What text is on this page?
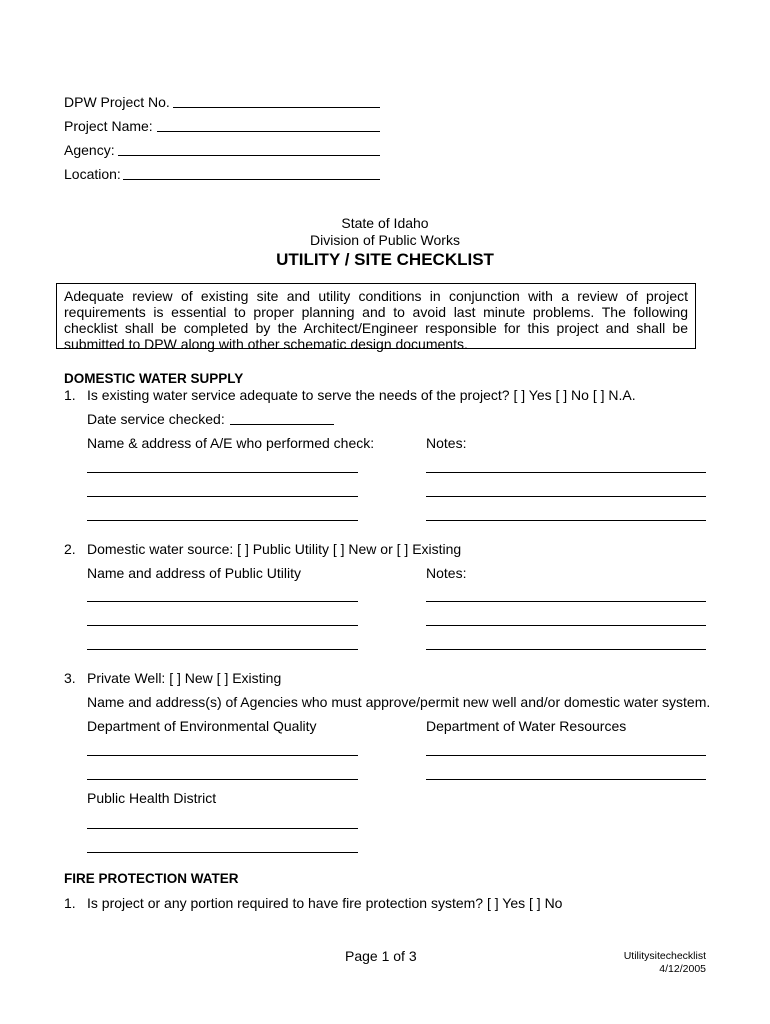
DPW Project No.
Project Name:
Agency:
Location:
State of Idaho
Division of Public Works
UTILITY / SITE CHECKLIST
Adequate review of existing site and utility conditions in conjunction with a review of project requirements is essential to proper planning and to avoid last minute problems. The following checklist shall be completed by the Architect/Engineer responsible for this project and shall be submitted to DPW along with other schematic design documents.
DOMESTIC WATER SUPPLY
1. Is existing water service adequate to serve the needs of the project? [ ] Yes [ ] No [ ] N.A.
Date service checked:
Name & address of A/E who performed check:	Notes:
2. Domestic water source: [ ] Public Utility [ ] New or [ ] Existing
Name and address of Public Utility	Notes:
3. Private Well: [ ] New [ ] Existing
Name and address(s) of Agencies who must approve/permit new well and/or domestic water system.
Department of Environmental Quality	Department of Water Resources
Public Health District
FIRE PROTECTION WATER
1. Is project or any portion required to have fire protection system? [ ] Yes [ ] No
Page 1 of 3	Utilitysitechecklist
4/12/2005
